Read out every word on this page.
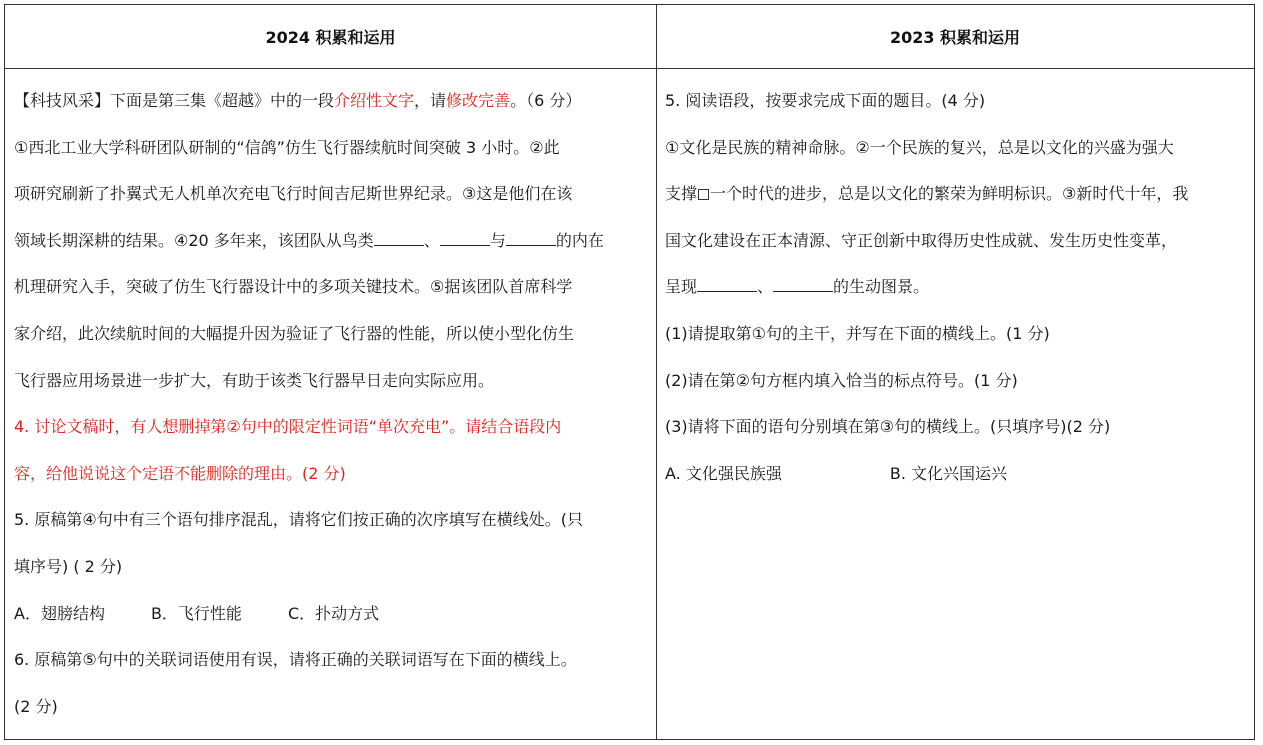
2024 积累和运用	2023 积累和运用
【科技风采】下面是第三集《超越》中的一段介绍性文字，请修改完善。（6 分）
①西北工业大学科研团队研制的“信鸽”仿生飞行器续航时间突破 3 小时。②此
项研究刷新了扑翼式无人机单次充电飞行时间吉尼斯世界纪录。③这是他们在该
领域长期深耕的结果。④20 多年来，该团队从鸟类	、	与	的内在
机理研究入手，突破了仿生飞行器设计中的多项关键技术。⑤据该团队首席科学
家介绍，此次续航时间的大幅提升因为验证了飞行器的性能，所以使小型化仿生
飞行器应用场景进一步扩大，有助于该类飞行器早日走向实际应用。
4. 讨论文稿时，有人想删掉第②句中的限定性词语“单次充电”。请结合语段内
容，给他说说这个定语不能删除的理由。(2 分)
5. 原稿第④句中有三个语句排序混乱，请将它们按正确的次序填写在横线处。(只
填序号) ( 2 分)
A．翅膀结构	B．飞行性能	C．扑动方式
6. 原稿第⑤句中的关联词语使用有误，请将正确的关联词语写在下面的横线上。
(2 分)
5. 阅读语段，按要求完成下面的题目。(4 分)
①文化是民族的精神命脉。②一个民族的复兴，总是以文化的兴盛为强大
支撑 一个时代的进步，总是以文化的繁荣为鲜明标识。③新时代十年，我
国文化建设在正本清源、守正创新中取得历史性成就、发生历史性变革，
呈现	、	的生动图景。
(1)请提取第①句的主干，并写在下面的横线上。(1 分)
(2)请在第②句方框内填入恰当的标点符号。(1 分)
(3)请将下面的语句分别填在第③句的横线上。(只填序号)(2 分)
A. 文化强民族强	B. 文化兴国运兴
